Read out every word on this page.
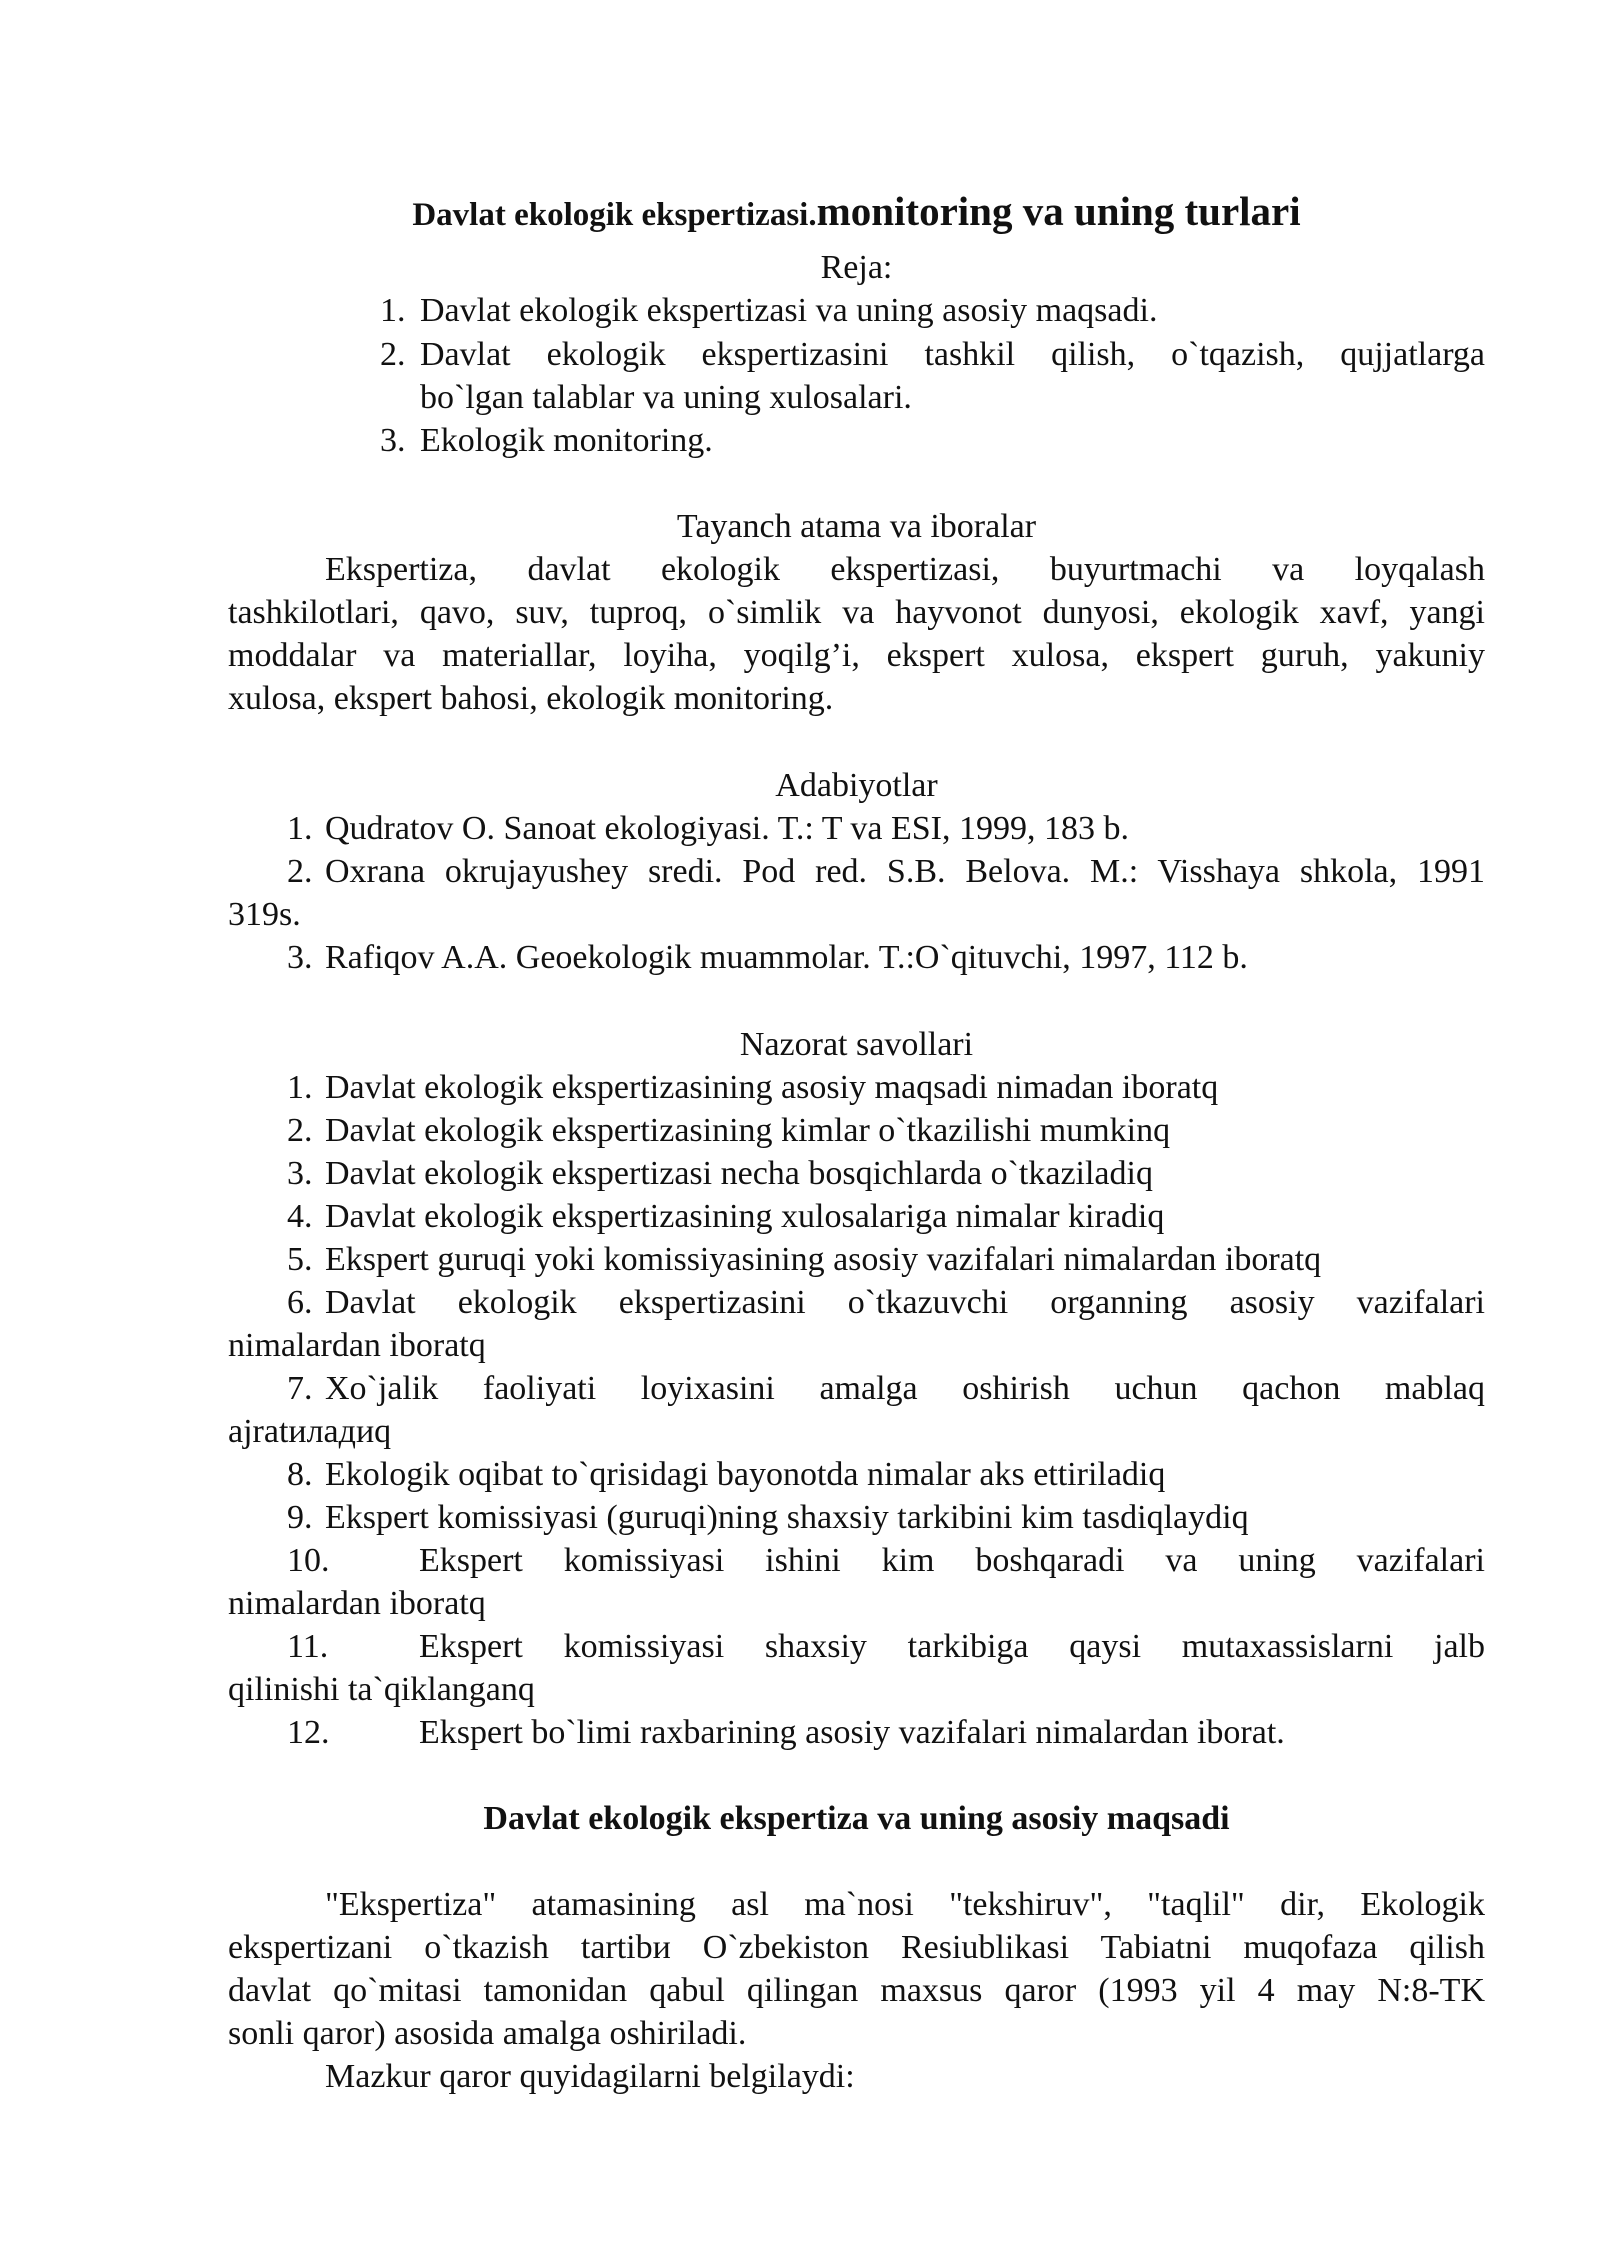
Davlat ekologik ekspertizasi.monitoring va uning turlari
Reja:
1. Davlat ekologik ekspertizasi va uning asosiy maqsadi.
2. Davlat ekologik ekspertizasini tashkil qilish, o`tqazish, qujjatlarga
bo`lgan talablar va uning xulosalari.
3. Ekologik monitoring.
Tayanch atama va iboralar
Ekspertiza, davlat ekologik ekspertizasi, buyurtmachi va loyqalash
tashkilotlari, qavo, suv, tuproq, o`simlik va hayvonot dunyosi, ekologik xavf, yangi
moddalar va materiallar, loyiha, yoqilg’i, ekspert xulosa, ekspert guruh, yakuniy
xulosa, ekspert bahosi, ekologik monitoring.
Adabiyotlar
1. Qudratov O. Sanoat ekologiyasi. T.: T va ESI, 1999, 183 b.
2. Oxrana okrujayushey sredi. Pod red. S.B. Belova. M.: Visshaya shkola, 1991
319s.
3. Rafiqov A.A. Geoekologik muammolar. T.:O`qituvchi, 1997, 112 b.
Nazorat savollari
1. Davlat ekologik ekspertizasining asosiy maqsadi nimadan iboratq
2. Davlat ekologik ekspertizasining kimlar o`tkazilishi mumkinq
3. Davlat ekologik ekspertizasi necha bosqichlarda o`tkaziladiq
4. Davlat ekologik ekspertizasining xulosalariga nimalar kiradiq
5. Ekspert guruqi yoki komissiyasining asosiy vazifalari nimalardan iboratq
6. Davlat ekologik ekspertizasini o`tkazuvchi organning asosiy vazifalari
nimalardan iboratq
7. Xo`jalik faoliyati loyixasini amalga oshirish uchun qachon mablaq
ajratиладиq
8. Ekologik oqibat to`qrisidagi bayonotda nimalar aks ettiriladiq
9. Ekspert komissiyasi (guruqi)ning shaxsiy tarkibini kim tasdiqlaydiq
10.	Ekspert komissiyasi ishini kim boshqaradi va uning vazifalari
nimalardan iboratq
11.	Ekspert komissiyasi shaxsiy tarkibiga qaysi mutaxassislarni jalb
qilinishi ta`qiklanganq
12.	Ekspert bo`limi raxbarining asosiy vazifalari nimalardan iborat.
Davlat ekologik ekspertiza va uning asosiy maqsadi
"Ekspertiza" atamasining asl ma`nosi "tekshiruv", "taqlil" dir, Ekologik
ekspertizani o`tkazish tartibи O`zbekiston Resiublikasi Tabiatni muqofaza qilish
davlat qo`mitasi tamonidan qabul qilingan maxsus qaror (1993 yil 4 may N:8-TK
sonli qaror) asosida amalga oshiriladi.
Mazkur qaror quyidagilarni belgilaydi:
